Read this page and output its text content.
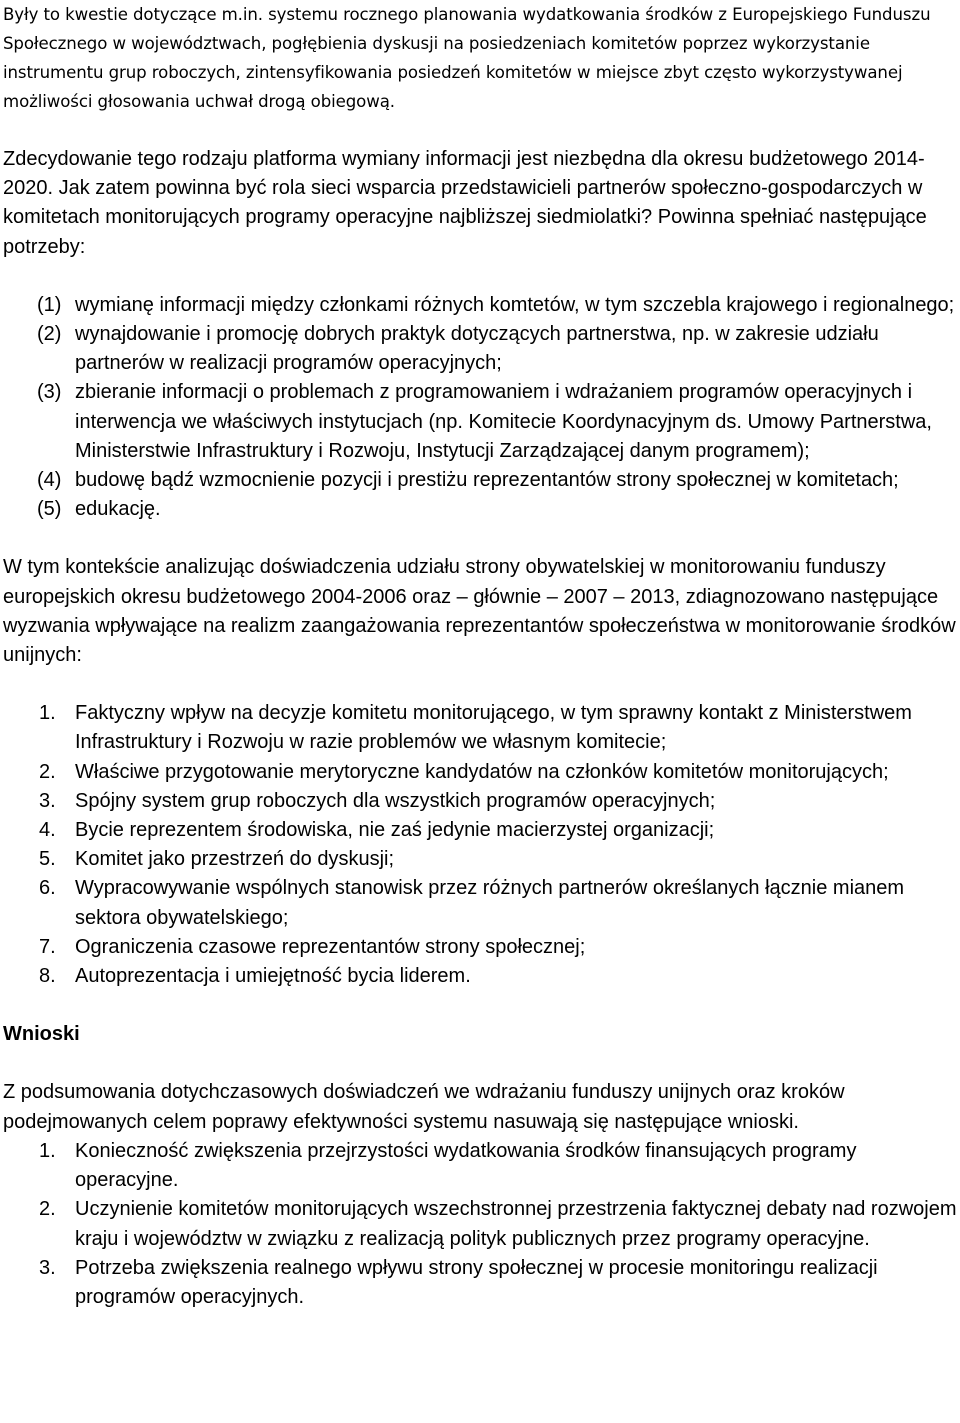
Były to kwestie dotyczące m.in. systemu rocznego planowania wydatkowania środków z Europejskiego Funduszu Społecznego w województwach, pogłębienia dyskusji na posiedzeniach komitetów poprzez wykorzystanie instrumentu grup roboczych, zintensyfikowania posiedzeń komitetów w miejsce zbyt często wykorzystywanej możliwości głosowania uchwał drogą obiegową.

Zdecydowanie tego rodzaju platforma wymiany informacji jest niezbędna dla okresu budżetowego 2014-2020. Jak zatem powinna być rola sieci wsparcia przedstawicieli partnerów społeczno-gospodarczych w komitetach monitorujących programy operacyjne najbliższej siedmiolatki? Powinna spełniać następujące potrzeby:

(1) wymianę informacji między członkami różnych komtetów, w tym szczebla krajowego i regionalnego;
(2) wynajdowanie i promocję dobrych praktyk dotyczących partnerstwa, np. w zakresie udziału partnerów w realizacji programów operacyjnych;
(3) zbieranie informacji o problemach z programowaniem i wdrażaniem programów operacyjnych i interwencja we właściwych instytucjach (np. Komitecie Koordynacyjnym ds. Umowy Partnerstwa, Ministerstwie Infrastruktury i Rozwoju, Instytucji Zarządzającej danym programem);
(4) budowę bądź wzmocnienie pozycji i prestiżu reprezentantów strony społecznej w komitetach;
(5) edukację.

W tym kontekście analizując doświadczenia udziału strony obywatelskiej w monitorowaniu funduszy europejskich okresu budżetowego 2004-2006 oraz – głównie – 2007 – 2013, zdiagnozowano następujące wyzwania wpływające na realizm zaangażowania reprezentantów społeczeństwa w monitorowanie środków unijnych:

1. Faktyczny wpływ na decyzje komitetu monitorującego, w tym sprawny kontakt z Ministerstwem Infrastruktury i Rozwoju w razie problemów we własnym komitecie;
2. Właściwe przygotowanie merytoryczne kandydatów na członków komitetów monitorujących;
3. Spójny system grup roboczych dla wszystkich programów operacyjnych;
4. Bycie reprezentem środowiska, nie zaś jedynie macierzystej organizacji;
5. Komitet jako przestrzeń do dyskusji;
6. Wypracowywanie wspólnych stanowisk przez różnych partnerów określanych łącznie mianem sektora obywatelskiego;
7. Ograniczenia czasowe reprezentantów strony społecznej;
8. Autoprezentacja i umiejętność bycia liderem.

Wnioski

Z podsumowania dotychczasowych doświadczeń we wdrażaniu funduszy unijnych oraz kroków podejmowanych celem poprawy efektywności systemu nasuwają się następujące wnioski.

1. Konieczność zwiększenia przejrzystości wydatkowania środków finansujących programy operacyjne.
2. Uczynienie komitetów monitorujących wszechstronnej przestrzenia faktycznej debaty nad rozwojem kraju i województw w związku z realizacją polityk publicznych przez programy operacyjne.
3. Potrzeba zwiększenia realnego wpływu strony społecznej w procesie monitoringu realizacji programów operacyjnych.
